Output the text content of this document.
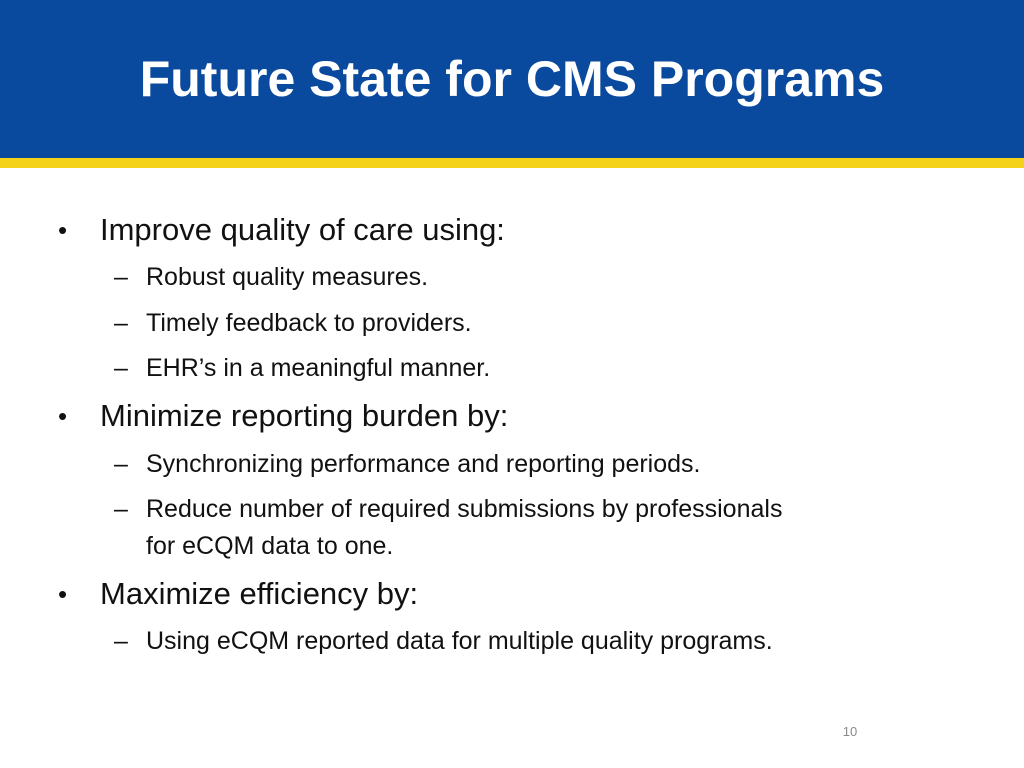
Future State for CMS Programs
• Improve quality of care using:
– Robust quality measures.
– Timely feedback to providers.
– EHR’s in a meaningful manner.
• Minimize reporting burden by:
– Synchronizing performance and reporting periods.
– Reduce number of required submissions by professionals
for eCQM data to one.
• Maximize efficiency by:
– Using eCQM reported data for multiple quality programs.
10
